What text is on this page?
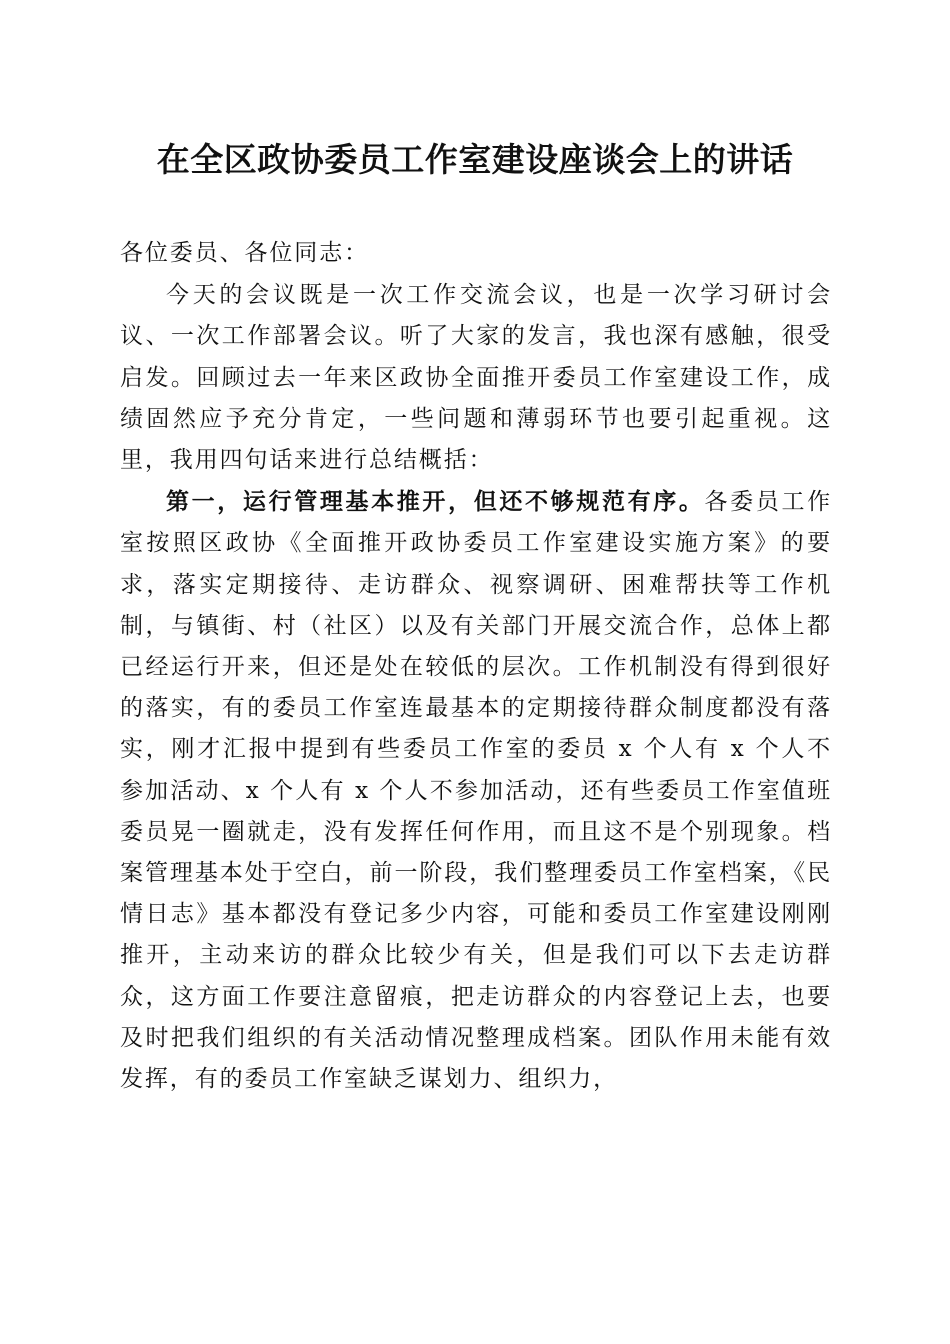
在全区政协委员工作室建设座谈会上的讲话

各位委员、各位同志：

今天的会议既是一次工作交流会议，也是一次学习研讨会议、一次工作部署会议。听了大家的发言，我也深有感触，很受启发。回顾过去一年来区政协全面推开委员工作室建设工作，成绩固然应予充分肯定，一些问题和薄弱环节也要引起重视。这里，我用四句话来进行总结概括：

第一，运行管理基本推开，但还不够规范有序。各委员工作室按照区政协《全面推开政协委员工作室建设实施方案》的要求，落实定期接待、走访群众、视察调研、困难帮扶等工作机制，与镇街、村（社区）以及有关部门开展交流合作，总体上都已经运行开来，但还是处在较低的层次。工作机制没有得到很好的落实，有的委员工作室连最基本的定期接待群众制度都没有落实，刚才汇报中提到有些委员工作室的委员 x 个人有 x 个人不参加活动、x 个人有 x 个人不参加活动，还有些委员工作室值班委员晃一圈就走，没有发挥任何作用，而且这不是个别现象。档案管理基本处于空白，前一阶段，我们整理委员工作室档案，《民情日志》基本都没有登记多少内容，可能和委员工作室建设刚刚推开，主动来访的群众比较少有关，但是我们可以下去走访群众，这方面工作要注意留痕，把走访群众的内容登记上去，也要及时把我们组织的有关活动情况整理成档案。团队作用未能有效发挥，有的委员工作室缺乏谋划力、组织力，
